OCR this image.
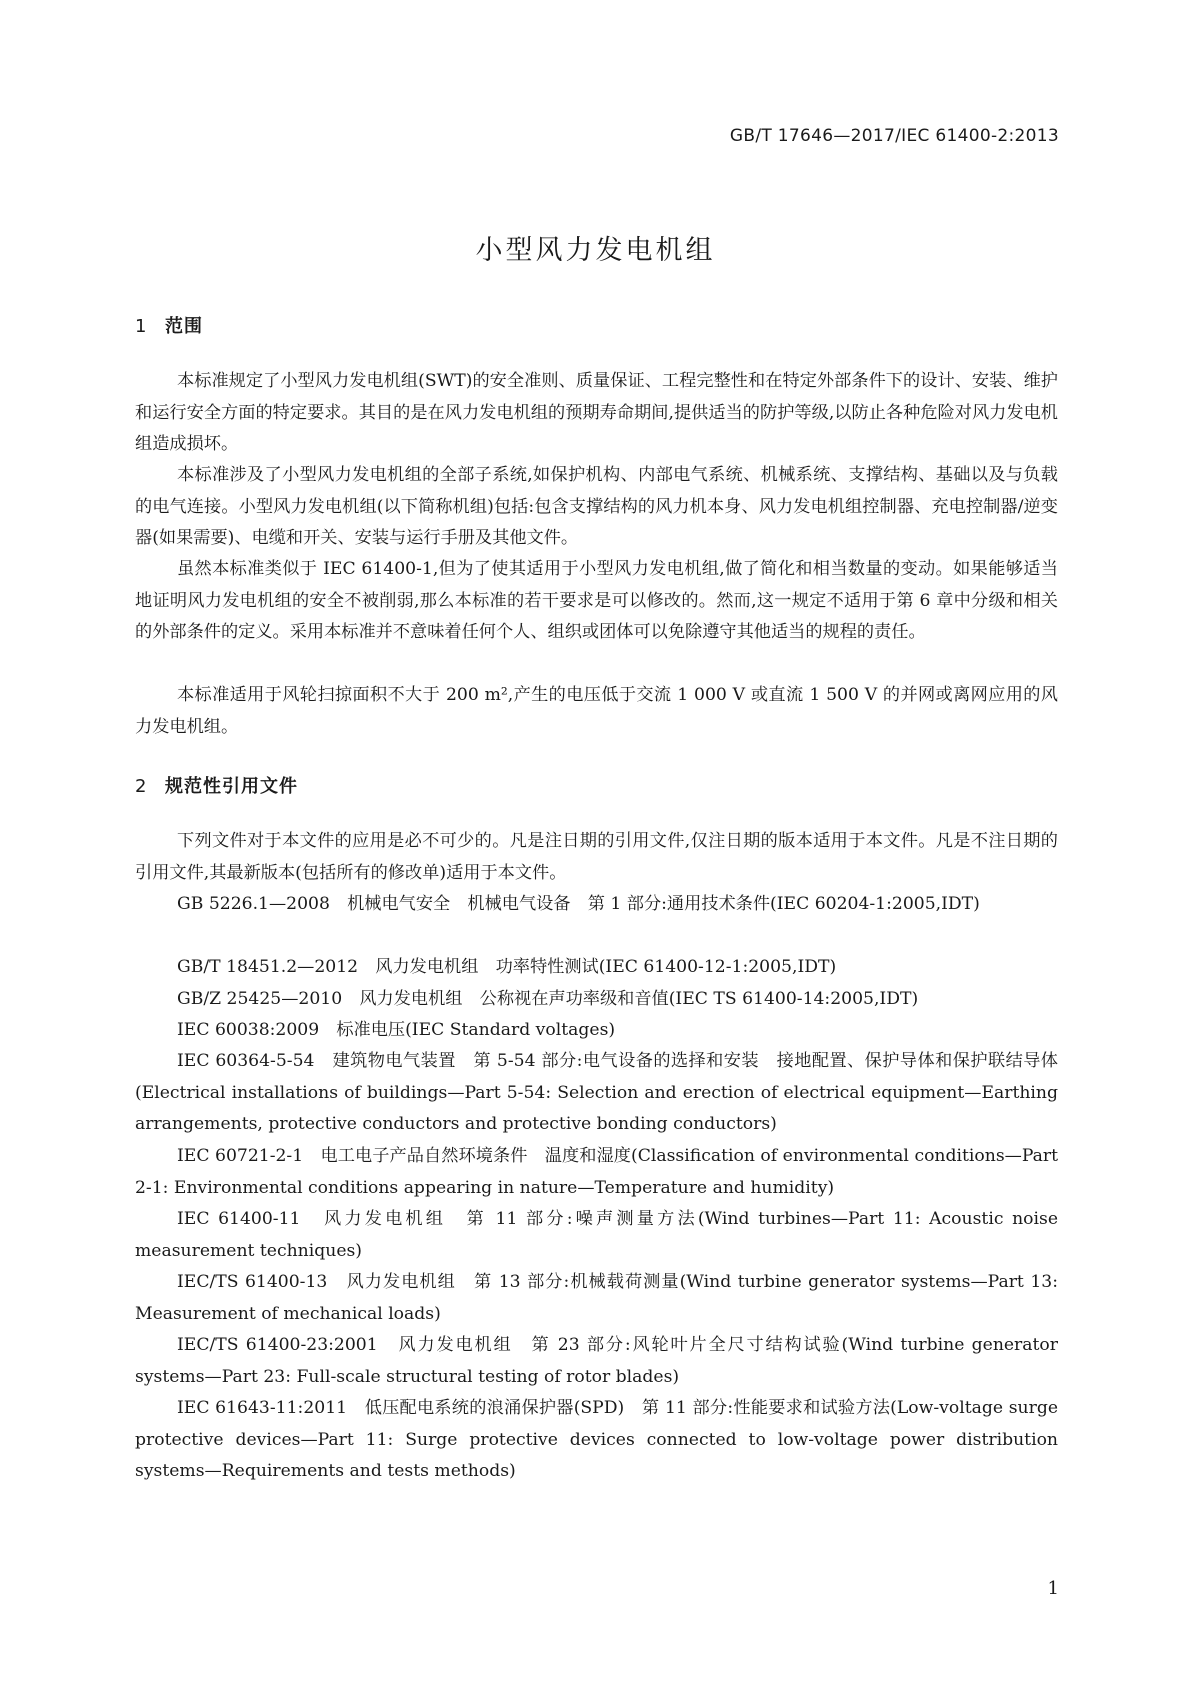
GB/T 17646—2017/IEC 61400-2:2013
小型风力发电机组
1 范围

本标准规定了小型风力发电机组(SWT)的安全准则、质量保证、工程完整性和在特定外部条件下的设计、安装、维护和运行安全方面的特定要求。其目的是在风力发电机组的预期寿命期间,提供适当的防护等级,以防止各种危险对风力发电机组造成损坏。

本标准涉及了小型风力发电机组的全部子系统,如保护机构、内部电气系统、机械系统、支撑结构、基础以及与负载的电气连接。小型风力发电机组(以下简称机组)包括:包含支撑结构的风力机本身、风力发电机组控制器、充电控制器/逆变器(如果需要)、电缆和开关、安装与运行手册及其他文件。

虽然本标准类似于 IEC 61400-1,但为了使其适用于小型风力发电机组,做了简化和相当数量的变动。如果能够适当地证明风力发电机组的安全不被削弱,那么本标准的若干要求是可以修改的。然而,这一规定不适用于第 6 章中分级和相关的外部条件的定义。采用本标准并不意味着任何个人、组织或团体可以免除遵守其他适当的规程的责任。

本标准适用于风轮扫掠面积不大于 200 m²,产生的电压低于交流 1 000 V 或直流 1 500 V 的并网或离网应用的风力发电机组。

2 规范性引用文件

下列文件对于本文件的应用是必不可少的。凡是注日期的引用文件,仅注日期的版本适用于本文件。凡是不注日期的引用文件,其最新版本(包括所有的修改单)适用于本文件。

GB 5226.1—2008　机械电气安全　机械电气设备　第 1 部分:通用技术条件(IEC 60204-1:2005,IDT)

GB/T 18451.2—2012　风力发电机组　功率特性测试(IEC 61400-12-1:2005,IDT)

GB/Z 25425—2010　风力发电机组　公称视在声功率级和音值(IEC TS 61400-14:2005,IDT)

IEC 60038:2009　标准电压(IEC Standard voltages)

IEC 60364-5-54　建筑物电气装置　第 5-54 部分:电气设备的选择和安装　接地配置、保护导体和保护联结导体(Electrical installations of buildings—Part 5-54: Selection and erection of electrical equipment—Earthing arrangements, protective conductors and protective bonding conductors)

IEC 60721-2-1　电工电子产品自然环境条件　温度和湿度(Classification of environmental conditions—Part 2-1: Environmental conditions appearing in nature—Temperature and humidity)

IEC 61400-11　风力发电机组　第 11 部分:噪声测量方法(Wind turbines—Part 11: Acoustic noise measurement techniques)

IEC/TS 61400-13　风力发电机组　第 13 部分:机械载荷测量(Wind turbine generator systems—Part 13: Measurement of mechanical loads)

IEC/TS 61400-23:2001　风力发电机组　第 23 部分:风轮叶片全尺寸结构试验(Wind turbine generator systems—Part 23: Full-scale structural testing of rotor blades)

IEC 61643-11:2011　低压配电系统的浪涌保护器(SPD)　第 11 部分:性能要求和试验方法(Low-voltage surge protective devices—Part 11: Surge protective devices connected to low-voltage power distribution systems—Requirements and tests methods)

1
